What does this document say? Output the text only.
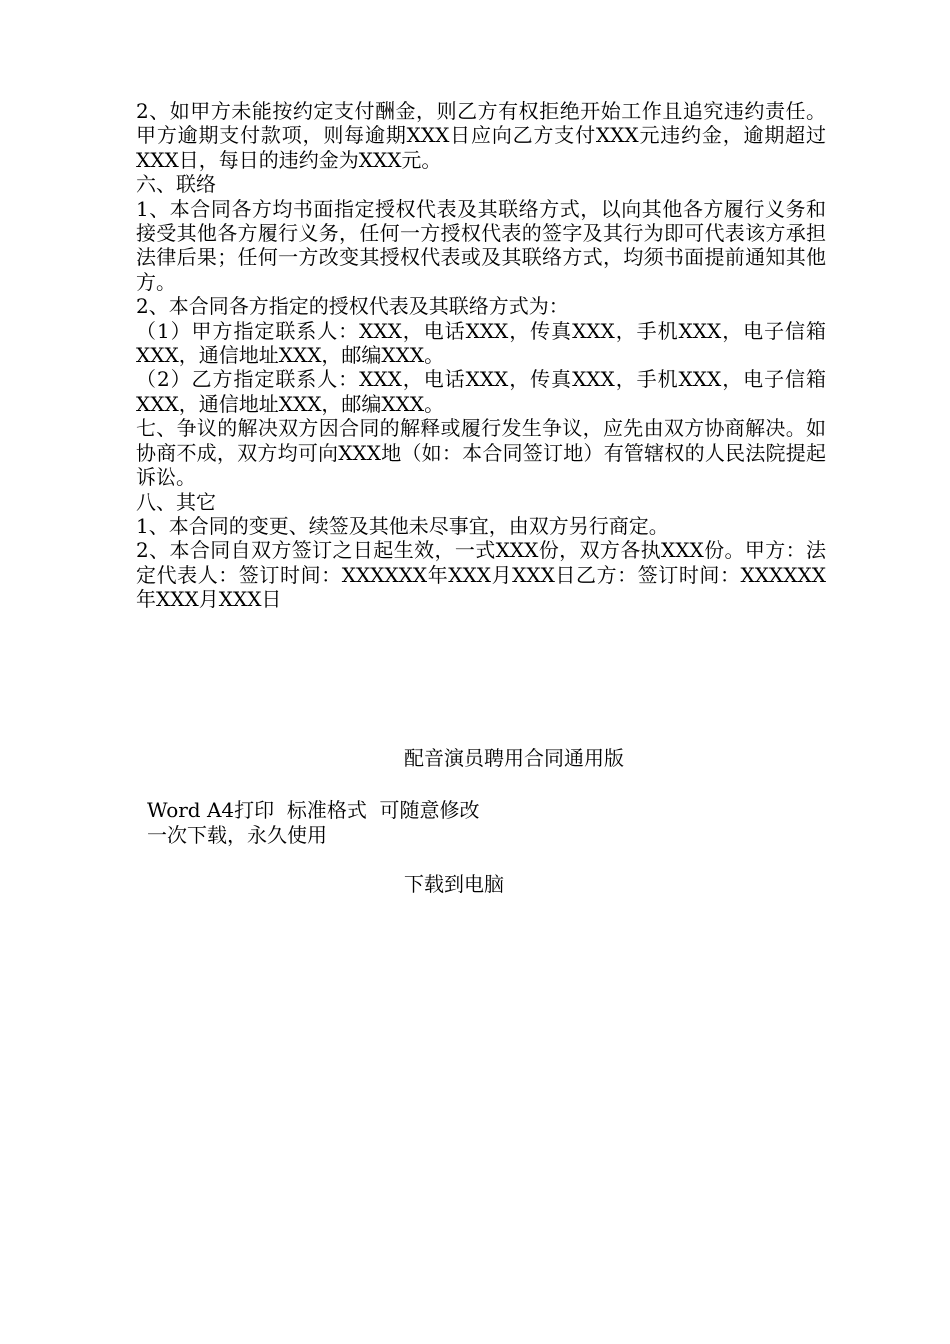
2、如甲方未能按约定支付酬金，则乙方有权拒绝开始工作且追究违约责任。甲方逾期支付款项，则每逾期XXX日应向乙方支付XXX元违约金，逾期超过XXX日，每日的违约金为XXX元。

六、联络

1、本合同各方均书面指定授权代表及其联络方式，以向其他各方履行义务和接受其他各方履行义务，任何一方授权代表的签字及其行为即可代表该方承担法律后果；任何一方改变其授权代表或及其联络方式，均须书面提前通知其他方。

2、本合同各方指定的授权代表及其联络方式为：

（1）甲方指定联系人：XXX，电话XXX，传真XXX，手机XXX，电子信箱XXX，通信地址XXX，邮编XXX。

（2）乙方指定联系人：XXX，电话XXX，传真XXX，手机XXX，电子信箱XXX，通信地址XXX，邮编XXX。

七、争议的解决双方因合同的解释或履行发生争议，应先由双方协商解决。如协商不成，双方均可向XXX地（如：本合同签订地）有管辖权的人民法院提起诉讼。

八、其它

1、本合同的变更、续签及其他未尽事宜，由双方另行商定。

2、本合同自双方签订之日起生效，一式XXX份，双方各执XXX份。甲方：法定代表人：签订时间：XXXXXX年XXX月XXX日乙方：签订时间：XXXXXX年XXX月XXX日

配音演员聘用合同通用版
Word A4打印  标准格式  可随意修改
一次下载，永久使用
下载到电脑
